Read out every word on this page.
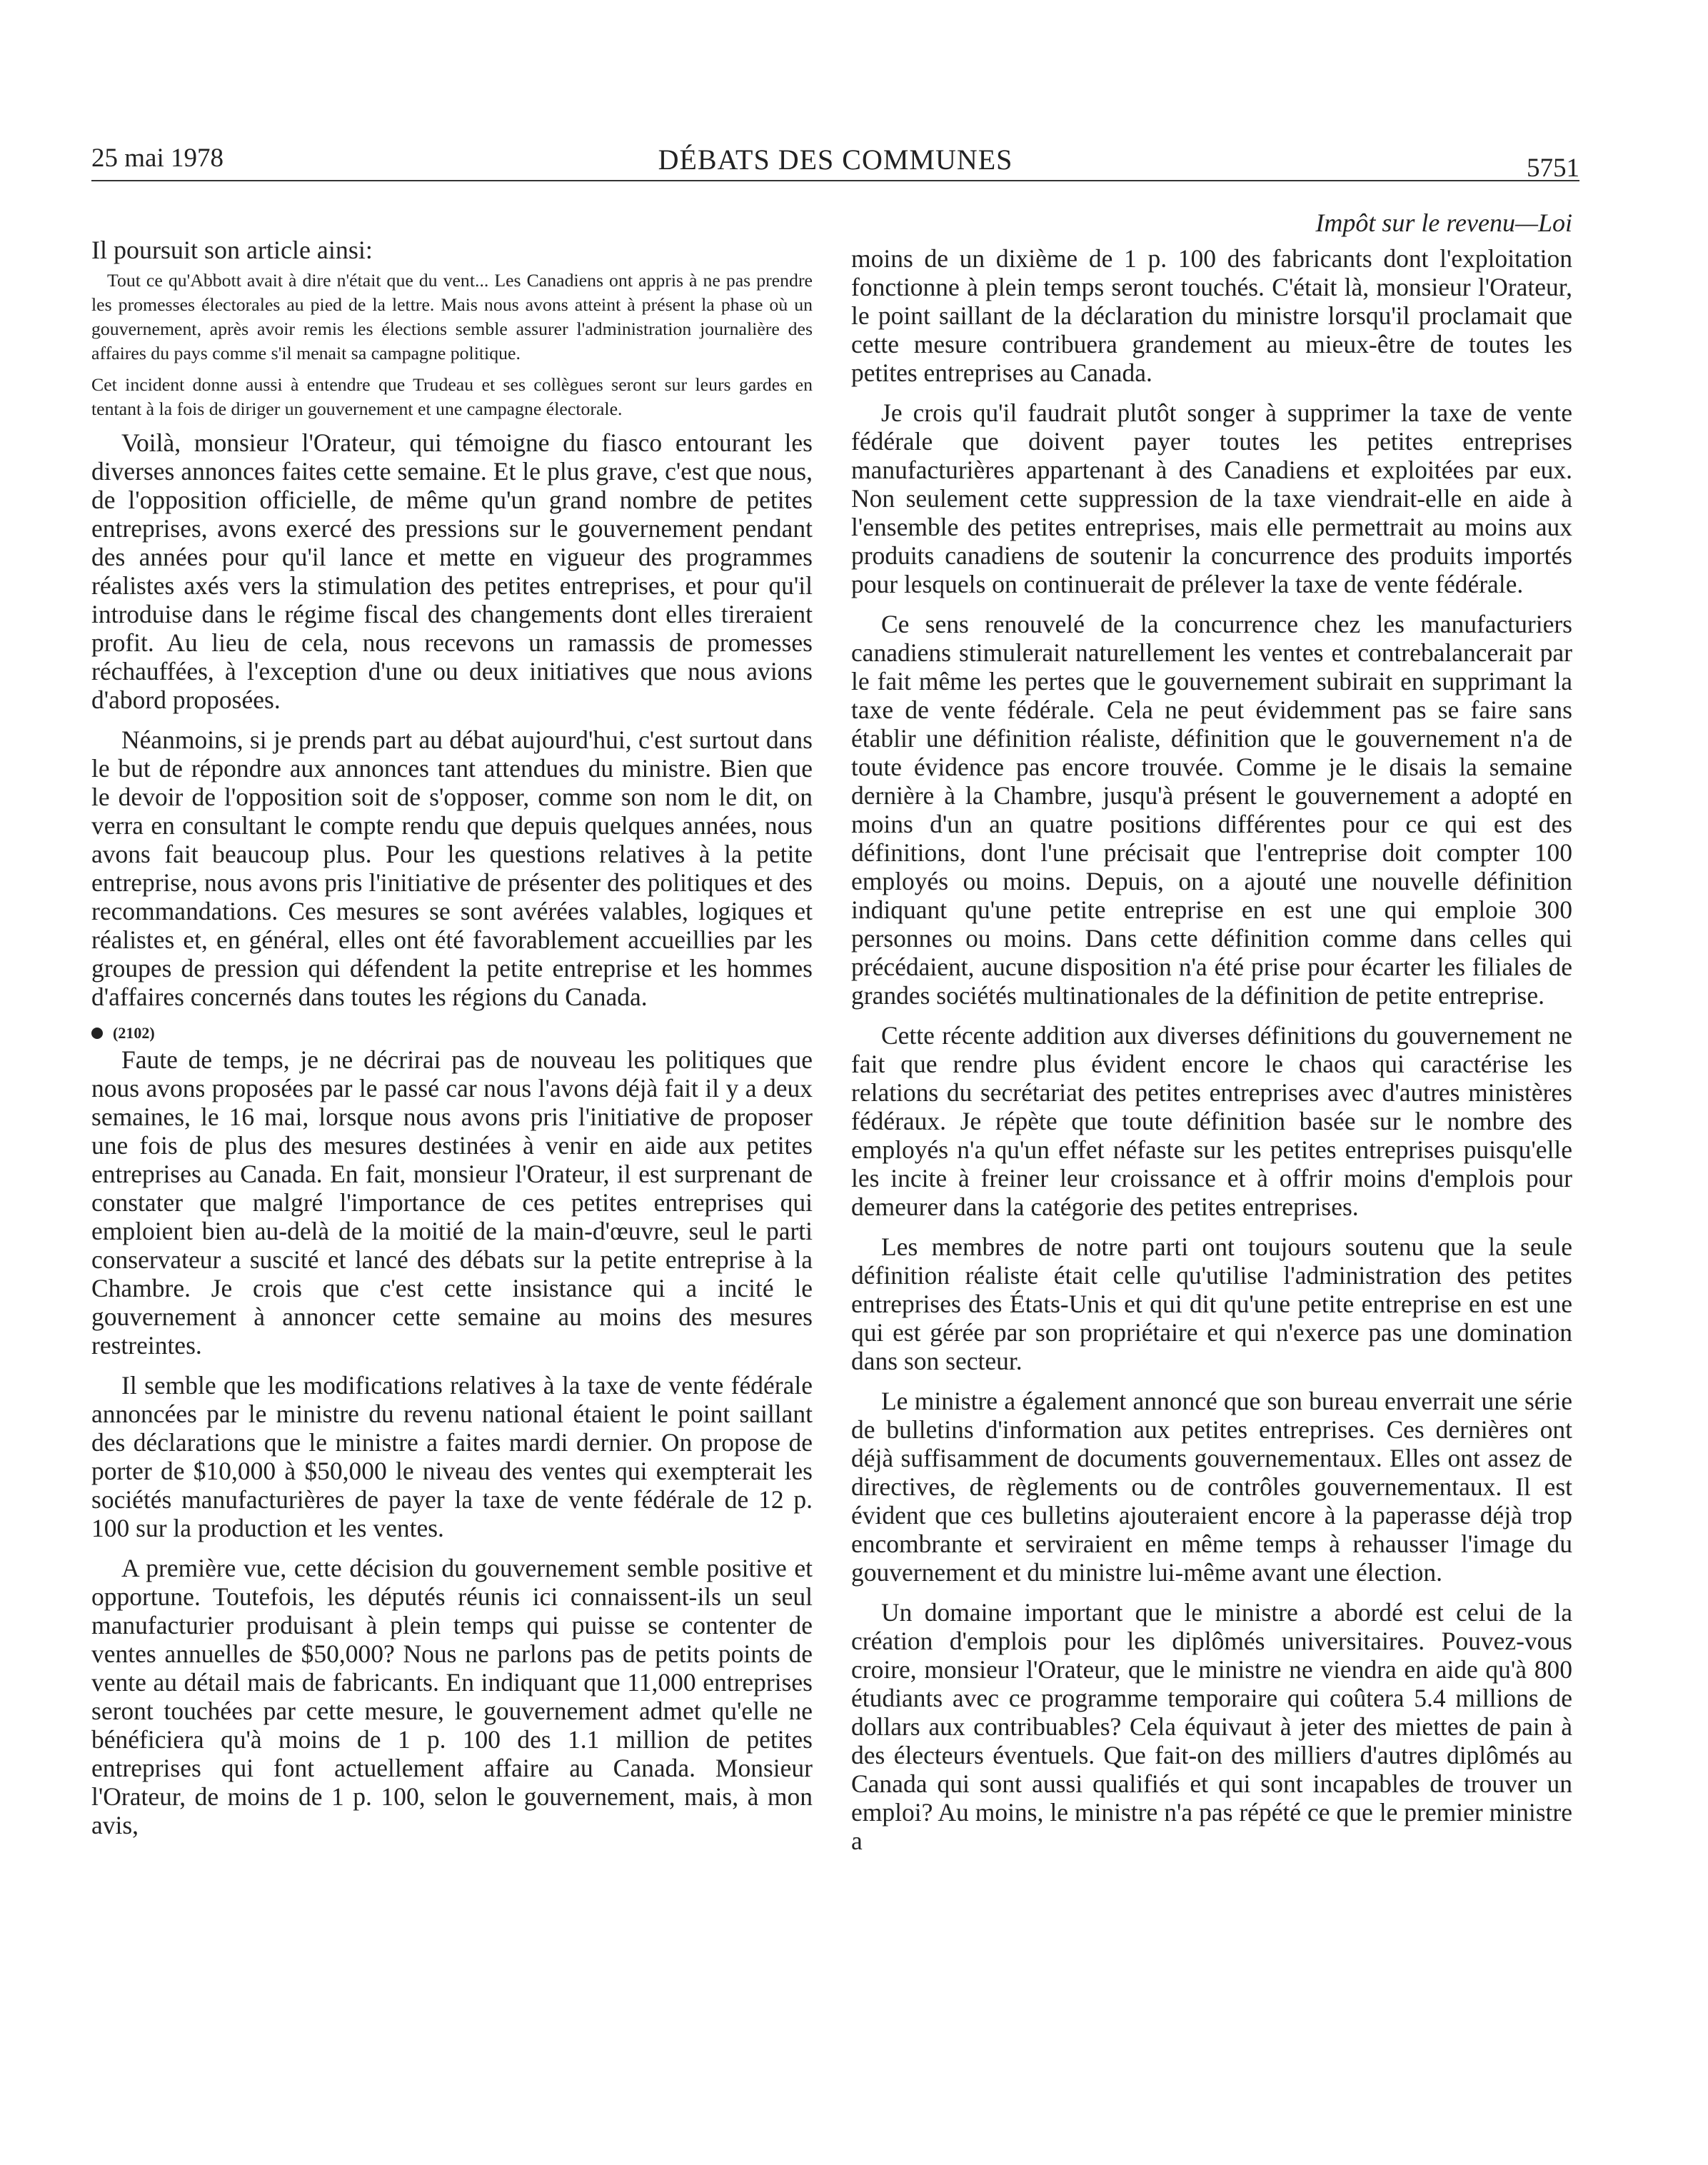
25 mai 1978	DÉBATS DES COMMUNES	5751

Il poursuit son article ainsi:

Tout ce qu'Abbott avait à dire n'était que du vent... Les Canadiens ont appris à ne pas prendre les promesses électorales au pied de la lettre. Mais nous avons atteint à présent la phase où un gouvernement, après avoir remis les élections semble assurer l'administration journalière des affaires du pays comme s'il menait sa campagne politique.

Cet incident donne aussi à entendre que Trudeau et ses collègues seront sur leurs gardes en tentant à la fois de diriger un gouvernement et une campagne électorale.

Voilà, monsieur l'Orateur, qui témoigne du fiasco entourant les diverses annonces faites cette semaine. Et le plus grave, c'est que nous, de l'opposition officielle, de même qu'un grand nombre de petites entreprises, avons exercé des pressions sur le gouvernement pendant des années pour qu'il lance et mette en vigueur des programmes réalistes axés vers la stimulation des petites entreprises, et pour qu'il introduise dans le régime fiscal des changements dont elles tireraient profit. Au lieu de cela, nous recevons un ramassis de promesses réchauffées, à l'exception d'une ou deux initiatives que nous avions d'abord proposées.

Néanmoins, si je prends part au débat aujourd'hui, c'est surtout dans le but de répondre aux annonces tant attendues du ministre. Bien que le devoir de l'opposition soit de s'opposer, comme son nom le dit, on verra en consultant le compte rendu que depuis quelques années, nous avons fait beaucoup plus. Pour les questions relatives à la petite entreprise, nous avons pris l'initiative de présenter des politiques et des recommandations. Ces mesures se sont avérées valables, logiques et réalistes et, en général, elles ont été favorablement accueillies par les groupes de pression qui défendent la petite entreprise et les hommes d'affaires concernés dans toutes les régions du Canada.

(2102)

Faute de temps, je ne décrirai pas de nouveau les politiques que nous avons proposées par le passé car nous l'avons déjà fait il y a deux semaines, le 16 mai, lorsque nous avons pris l'initiative de proposer une fois de plus des mesures destinées à venir en aide aux petites entreprises au Canada. En fait, monsieur l'Orateur, il est surprenant de constater que malgré l'importance de ces petites entreprises qui emploient bien au-delà de la moitié de la main-d'œuvre, seul le parti conservateur a suscité et lancé des débats sur la petite entreprise à la Chambre. Je crois que c'est cette insistance qui a incité le gouvernement à annoncer cette semaine au moins des mesures restreintes.

Il semble que les modifications relatives à la taxe de vente fédérale annoncées par le ministre du revenu national étaient le point saillant des déclarations que le ministre a faites mardi dernier. On propose de porter de $10,000 à $50,000 le niveau des ventes qui exempterait les sociétés manufacturières de payer la taxe de vente fédérale de 12 p. 100 sur la production et les ventes.

A première vue, cette décision du gouvernement semble positive et opportune. Toutefois, les députés réunis ici connaissent-ils un seul manufacturier produisant à plein temps qui puisse se contenter de ventes annuelles de $50,000? Nous ne parlons pas de petits points de vente au détail mais de fabricants. En indiquant que 11,000 entreprises seront touchées par cette mesure, le gouvernement admet qu'elle ne bénéficiera qu'à moins de 1 p. 100 des 1.1 million de petites entreprises qui font actuellement affaire au Canada. Monsieur l'Orateur, de moins de 1 p. 100, selon le gouvernement, mais, à mon avis,

Impôt sur le revenu—Loi

moins de un dixième de 1 p. 100 des fabricants dont l'exploitation fonctionne à plein temps seront touchés. C'était là, monsieur l'Orateur, le point saillant de la déclaration du ministre lorsqu'il proclamait que cette mesure contribuera grandement au mieux-être de toutes les petites entreprises au Canada.

Je crois qu'il faudrait plutôt songer à supprimer la taxe de vente fédérale que doivent payer toutes les petites entreprises manufacturières appartenant à des Canadiens et exploitées par eux. Non seulement cette suppression de la taxe viendrait-elle en aide à l'ensemble des petites entreprises, mais elle permettrait au moins aux produits canadiens de soutenir la concurrence des produits importés pour lesquels on continuerait de prélever la taxe de vente fédérale.

Ce sens renouvelé de la concurrence chez les manufacturiers canadiens stimulerait naturellement les ventes et contrebalancerait par le fait même les pertes que le gouvernement subirait en supprimant la taxe de vente fédérale. Cela ne peut évidemment pas se faire sans établir une définition réaliste, définition que le gouvernement n'a de toute évidence pas encore trouvée. Comme je le disais la semaine dernière à la Chambre, jusqu'à présent le gouvernement a adopté en moins d'un an quatre positions différentes pour ce qui est des définitions, dont l'une précisait que l'entreprise doit compter 100 employés ou moins. Depuis, on a ajouté une nouvelle définition indiquant qu'une petite entreprise en est une qui emploie 300 personnes ou moins. Dans cette définition comme dans celles qui précédaient, aucune disposition n'a été prise pour écarter les filiales de grandes sociétés multinationales de la définition de petite entreprise.

Cette récente addition aux diverses définitions du gouvernement ne fait que rendre plus évident encore le chaos qui caractérise les relations du secrétariat des petites entreprises avec d'autres ministères fédéraux. Je répète que toute définition basée sur le nombre des employés n'a qu'un effet néfaste sur les petites entreprises puisqu'elle les incite à freiner leur croissance et à offrir moins d'emplois pour demeurer dans la catégorie des petites entreprises.

Les membres de notre parti ont toujours soutenu que la seule définition réaliste était celle qu'utilise l'administration des petites entreprises des États-Unis et qui dit qu'une petite entreprise en est une qui est gérée par son propriétaire et qui n'exerce pas une domination dans son secteur.

Le ministre a également annoncé que son bureau enverrait une série de bulletins d'information aux petites entreprises. Ces dernières ont déjà suffisamment de documents gouvernementaux. Elles ont assez de directives, de règlements ou de contrôles gouvernementaux. Il est évident que ces bulletins ajouteraient encore à la paperasse déjà trop encombrante et serviraient en même temps à rehausser l'image du gouvernement et du ministre lui-même avant une élection.

Un domaine important que le ministre a abordé est celui de la création d'emplois pour les diplômés universitaires. Pouvez-vous croire, monsieur l'Orateur, que le ministre ne viendra en aide qu'à 800 étudiants avec ce programme temporaire qui coûtera 5.4 millions de dollars aux contribuables? Cela équivaut à jeter des miettes de pain à des électeurs éventuels. Que fait-on des milliers d'autres diplômés au Canada qui sont aussi qualifiés et qui sont incapables de trouver un emploi? Au moins, le ministre n'a pas répété ce que le premier ministre a
